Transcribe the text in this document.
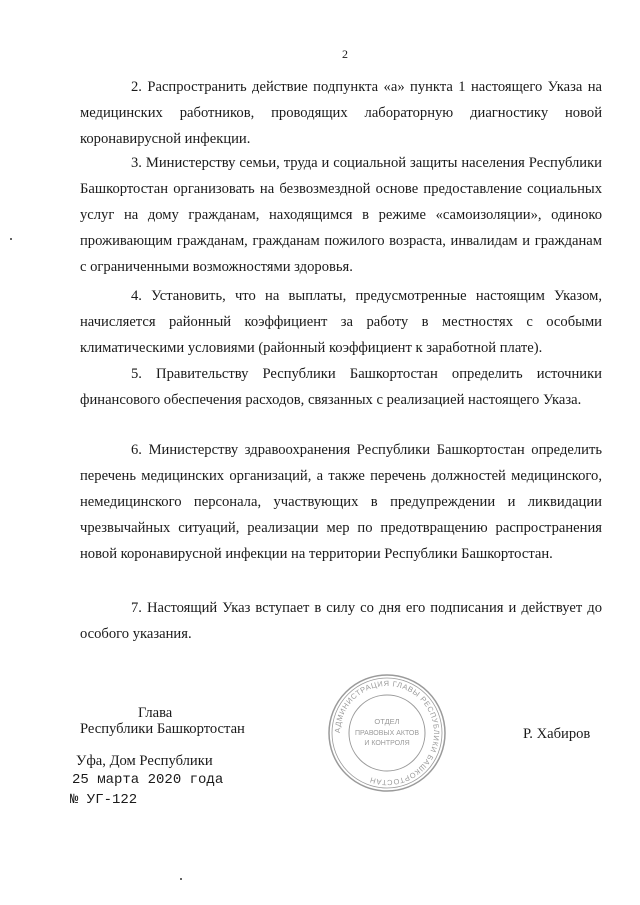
2

2. Распространить действие подпункта «а» пункта 1 настоящего Указа на медицинских работников, проводящих лабораторную диагностику новой коронавирусной инфекции.

3. Министерству семьи, труда и социальной защиты населения Республики Башкортостан организовать на безвозмездной основе предоставление социальных услуг на дому гражданам, находящимся в режиме «самоизоляции», одиноко проживающим гражданам, гражданам пожилого возраста, инвалидам и гражданам с ограниченными возможностями здоровья.

4. Установить, что на выплаты, предусмотренные настоящим Указом, начисляется районный коэффициент за работу в местностях с особыми климатическими условиями (районный коэффициент к заработной плате).

5. Правительству Республики Башкортостан определить источники финансового обеспечения расходов, связанных с реализацией настоящего Указа.

6. Министерству здравоохранения Республики Башкортостан определить перечень медицинских организаций, а также перечень должностей медицинского, немедицинского персонала, участвующих в предупреждении и ликвидации чрезвычайных ситуаций, реализации мер по предотвращению распространения новой коронавирусной инфекции на территории Республики Башкортостан.

7. Настоящий Указ вступает в силу со дня его подписания и действует до особого указания.

Глава

Республики Башкортостан	Р. Хабиров

Уфа, Дом Республики

25 марта 2020 года

№ УГ-122

АДМИНИСТРАЦИЯ ГЛАВЫ РЕСПУБЛИКИ БАШКОРТОСТАН
ОТДЕЛ
ПРАВОВЫХ АКТОВ
И КОНТРОЛЯ
